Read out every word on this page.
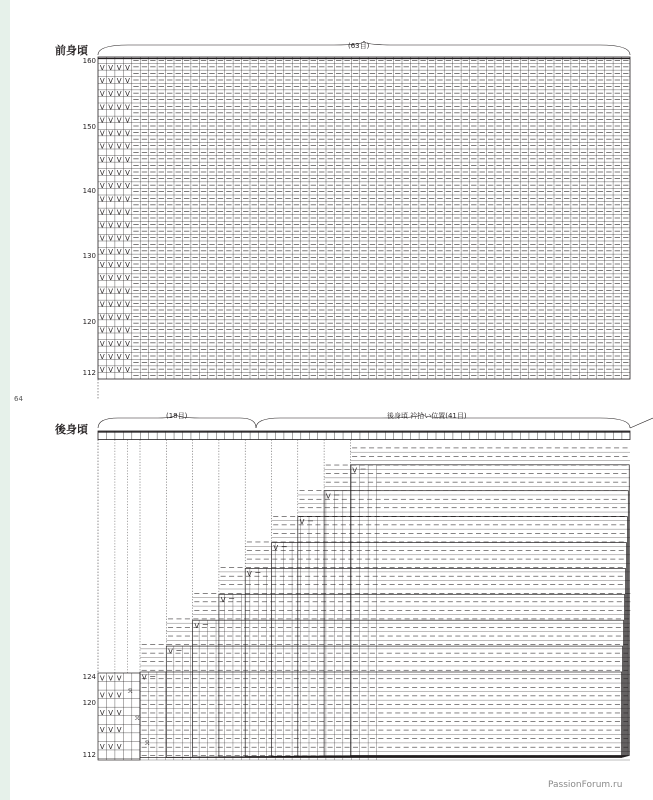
前身頃	(63目)
160
150
140
130
120
112
64
後身頃
(18目)	後身頃 衿拾い位置(41目)
124
120
112
PassionForum.ru
V V V V
V V V V
V V V V
V V V V
V V V V
V V V V
V V V V
V V V V
V V V V
V V V V
V V V V
V V V V
V V V V
V V V V
V V V V
V V V V
V V V V
V V V V
V V V V
V V V V
V V V V
V V V V
V V V V
V V V V
V
V
V
V
V
V
V
V
V
V V V
V V V
V V V
V V V
V V V
ℛ
ℛ
ℛ
